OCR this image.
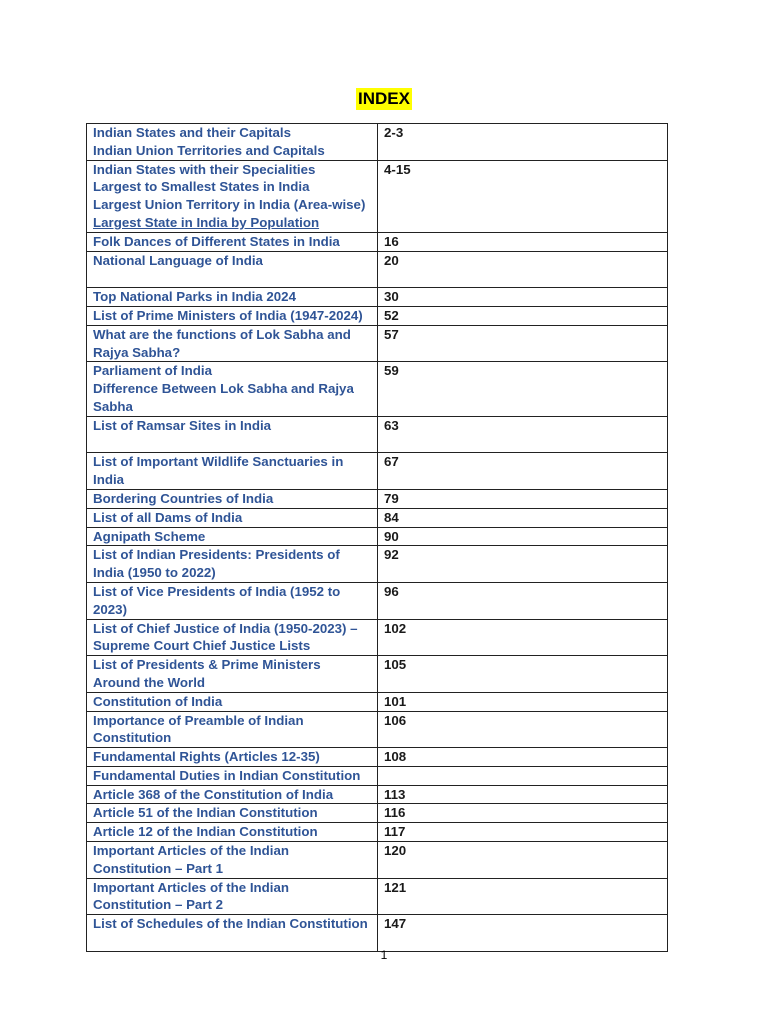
INDEX
Indian States and their Capitals
Indian Union Territories and Capitals	2-3

Indian States with their Specialities
Largest to Smallest States in India
Largest Union Territory in India (Area-wise)
Largest State in India by Population	4-15

Folk Dances of Different States in India	16

National Language of India	20

Top National Parks in India 2024	30

List of Prime Ministers of India (1947-2024)	52

What are the functions of Lok Sabha and
Rajya Sabha?	57

Parliament of India
Difference Between Lok Sabha and Rajya
Sabha	59

List of Ramsar Sites in India	63

List of Important Wildlife Sanctuaries in
India	67

Bordering Countries of India	79

List of all Dams of India	84

Agnipath Scheme	90

List of Indian Presidents: Presidents of
India (1950 to 2022)	92

List of Vice Presidents of India (1952 to
2023)	96

List of Chief Justice of India (1950-2023) –
Supreme Court Chief Justice Lists	102

List of Presidents & Prime Ministers
Around the World	105

Constitution of India	101

Importance of Preamble of Indian
Constitution	106

Fundamental Rights (Articles 12-35)	108

Fundamental Duties in Indian Constitution	

Article 368 of the Constitution of India	113

Article 51 of the Indian Constitution	116

Article 12 of the Indian Constitution	117

Important Articles of the Indian
Constitution – Part 1	120

Important Articles of the Indian
Constitution – Part 2	121

List of Schedules of the Indian Constitution	147
1
